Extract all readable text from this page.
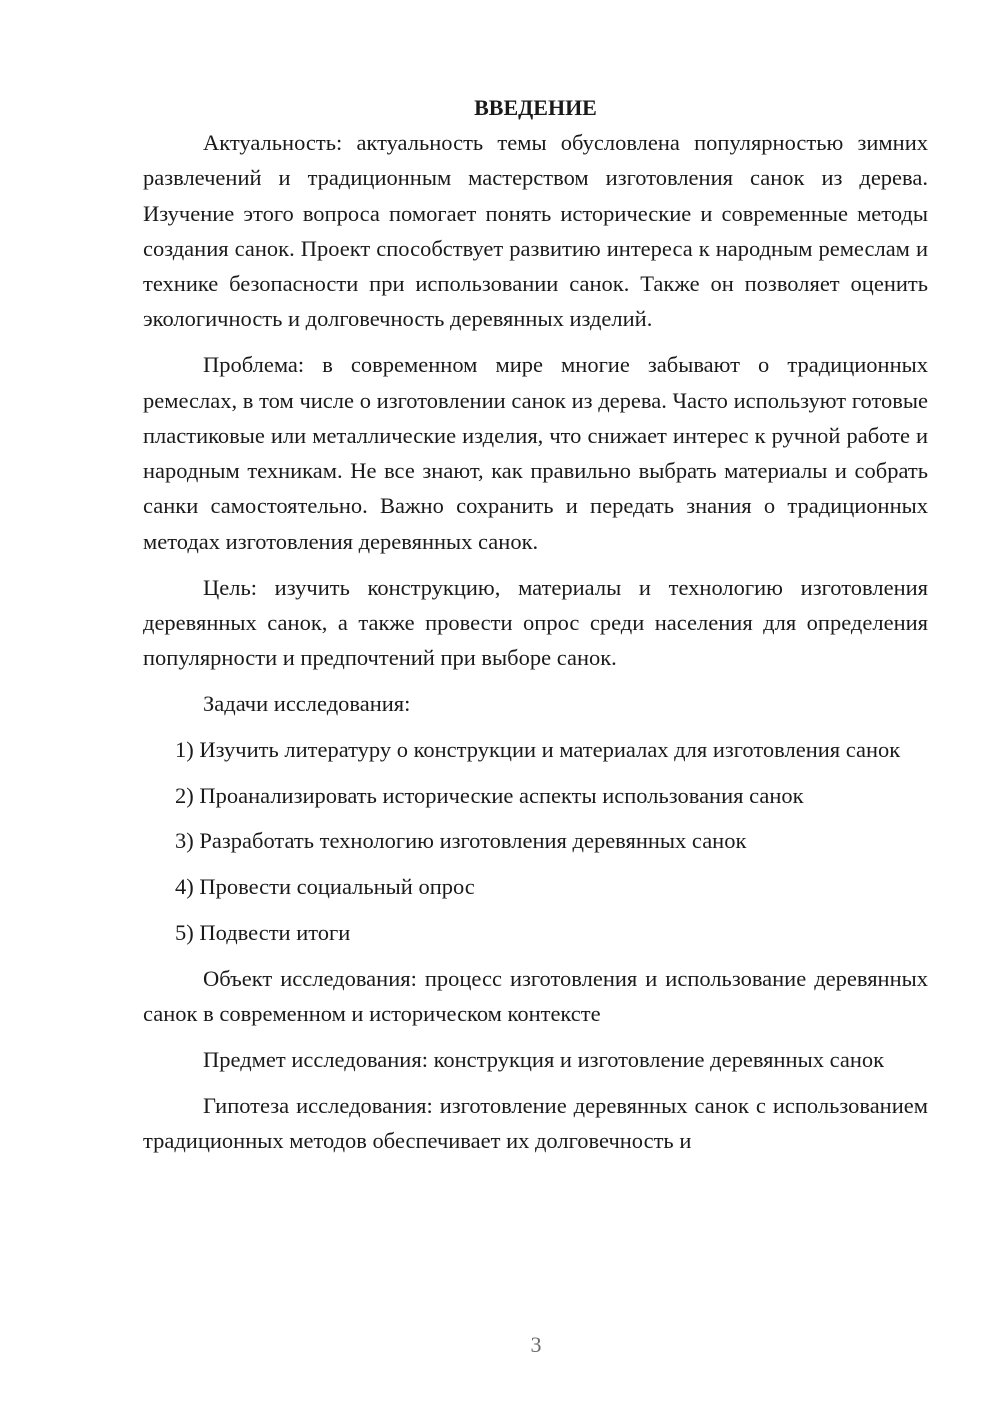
ВВЕДЕНИЕ

Актуальность: актуальность темы обусловлена популярностью зимних развлечений и традиционным мастерством изготовления санок из дерева. Изучение этого вопроса помогает понять исторические и современные методы создания санок. Проект способствует развитию интереса к народным ремеслам и технике безопасности при использовании санок. Также он позволяет оценить экологичность и долговечность деревянных изделий.

Проблема: в современном мире многие забывают о традиционных ремеслах, в том числе о изготовлении санок из дерева. Часто используют готовые пластиковые или металлические изделия, что снижает интерес к ручной работе и народным техникам. Не все знают, как правильно выбрать материалы и собрать санки самостоятельно. Важно сохранить и передать знания о традиционных методах изготовления деревянных санок.

Цель: изучить конструкцию, материалы и технологию изготовления деревянных санок, а также провести опрос среди населения для определения популярности и предпочтений при выборе санок.

Задачи исследования:

1) Изучить литературу о конструкции и материалах для изготовления санок

2) Проанализировать исторические аспекты использования санок

3) Разработать технологию изготовления деревянных санок

4) Провести социальный опрос

5) Подвести итоги

Объект исследования: процесс изготовления и использование деревянных санок в современном и историческом контексте

Предмет исследования: конструкция и изготовление деревянных санок

Гипотеза исследования: изготовление деревянных санок с использованием традиционных методов обеспечивает их долговечность и

3
